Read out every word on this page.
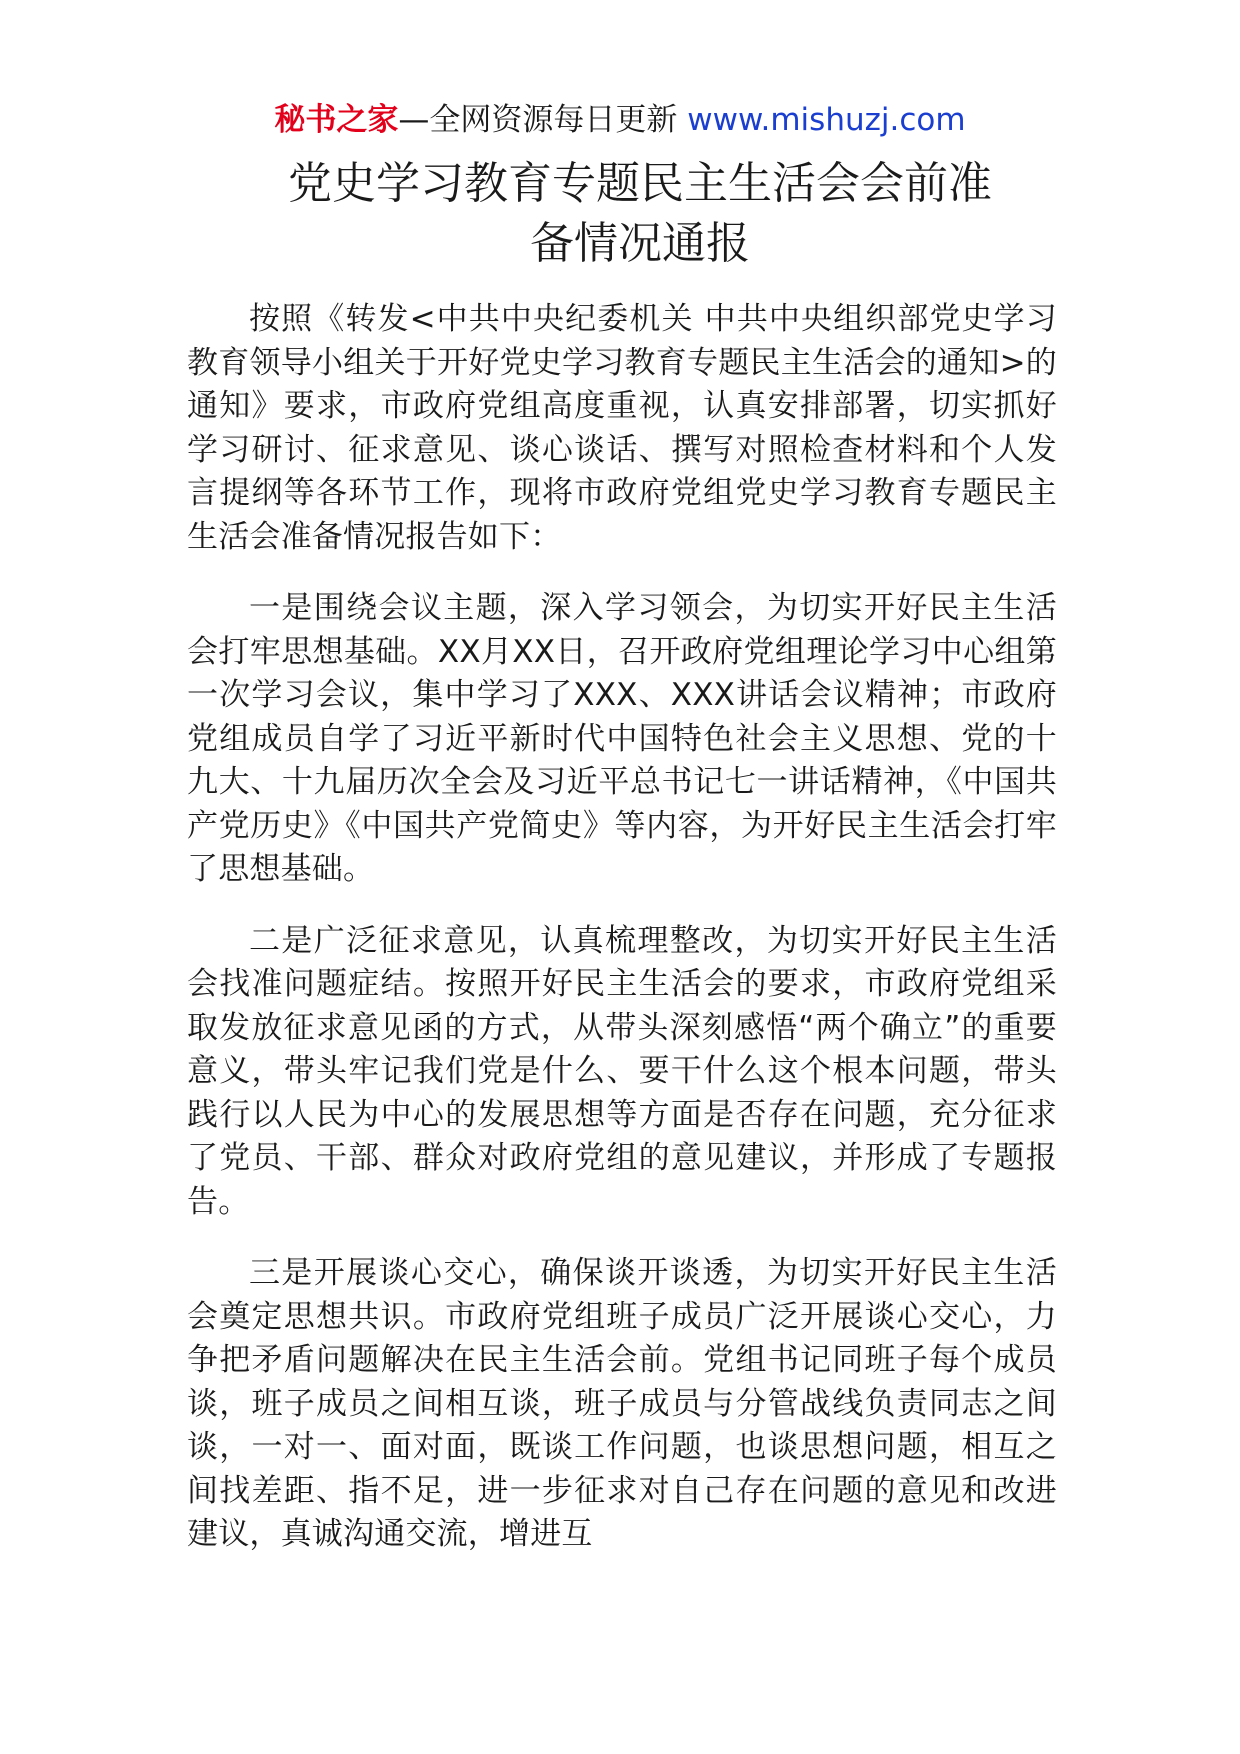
秘书之家—全网资源每日更新 www.mishuzj.com
党史学习教育专题民主生活会会前准
备情况通报

按照《转发<中共中央纪委机关 中共中央组织部党史学习教育领导小组关于开好党史学习教育专题民主生活会的通知>的通知》要求，市政府党组高度重视，认真安排部署，切实抓好学习研讨、征求意见、谈心谈话、撰写对照检查材料和个人发言提纲等各环节工作，现将市政府党组党史学习教育专题民主生活会准备情况报告如下：

一是围绕会议主题，深入学习领会，为切实开好民主生活会打牢思想基础。XX月XX日，召开政府党组理论学习中心组第一次学习会议，集中学习了XXX、XXX讲话会议精神；市政府党组成员自学了习近平新时代中国特色社会主义思想、党的十九大、十九届历次全会及习近平总书记七一讲话精神，《中国共产党历史》《中国共产党简史》等内容，为开好民主生活会打牢了思想基础。

二是广泛征求意见，认真梳理整改，为切实开好民主生活会找准问题症结。按照开好民主生活会的要求，市政府党组采取发放征求意见函的方式，从带头深刻感悟“两个确立”的重要意义，带头牢记我们党是什么、要干什么这个根本问题，带头践行以人民为中心的发展思想等方面是否存在问题，充分征求了党员、干部、群众对政府党组的意见建议，并形成了专题报告。

三是开展谈心交心，确保谈开谈透，为切实开好民主生活会奠定思想共识。市政府党组班子成员广泛开展谈心交心，力争把矛盾问题解决在民主生活会前。党组书记同班子每个成员谈，班子成员之间相互谈，班子成员与分管战线负责同志之间谈，一对一、面对面，既谈工作问题，也谈思想问题，相互之间找差距、指不足，进一步征求对自己存在问题的意见和改进建议，真诚沟通交流，增进互
